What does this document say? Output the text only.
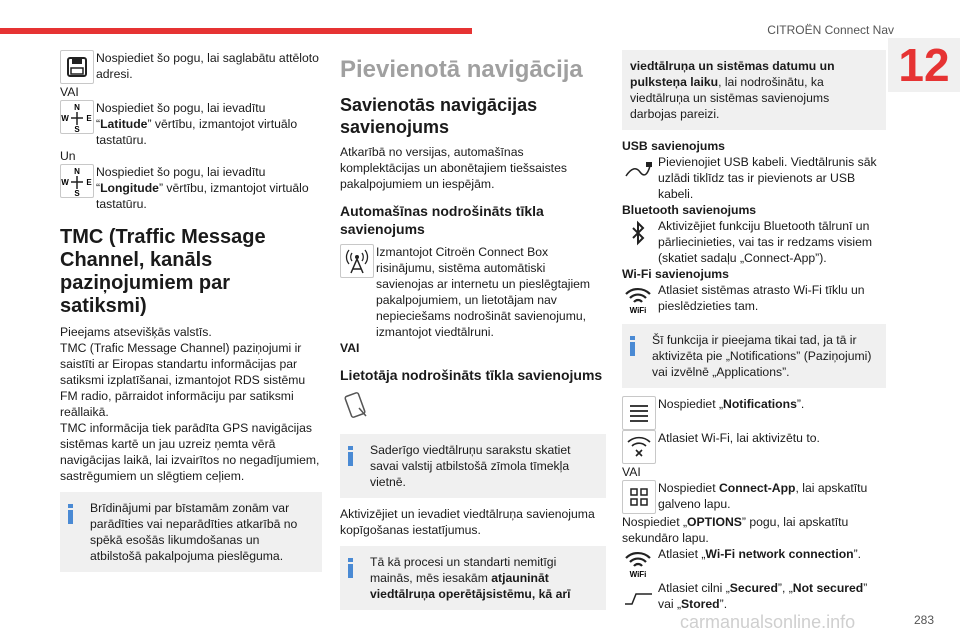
CITROËN Connect Nav
12

Nospiediet šo pogu, lai saglabātu attēloto adresi.

VAI

N
S
W E

Nospiediet šo pogu, lai ievadītu “Latitude” vērtību, izmantojot virtuālo tastatūru.

Un

N
S
W E

Nospiediet šo pogu, lai ievadītu “Longitude” vērtību, izmantojot virtuālo tastatūru.

TMC (Traffic Message Channel, kanāls paziņojumiem par satiksmi)

Pieejams atsevišķās valstīs.

TMC (Trafic Message Channel) paziņojumi ir saistīti ar Eiropas standartu informācijas par satiksmi izplatīšanai, izmantojot RDS sistēmu FM radio, pārraidot informāciju par satiksmi reāllaikā.

TMC informācija tiek parādīta GPS navigācijas sistēmas kartē un jau uzreiz ņemta vērā navigācijas laikā, lai izvairītos no negadījumiem, sastrēgumiem un slēgtiem ceļiem.

Brīdinājumi par bīstamām zonām var parādīties vai neparādīties atkarībā no spēkā esošās likumdošanas un atbilstošā pakalpojuma pieslēguma.

Pievienotā navigācija
Savienotās navigācijas savienojums

Atkarībā no versijas, automašīnas komplektācijas un abonētajiem tiešsaistes pakalpojumiem un iespējām.

Automašīnas nodrošināts tīkla savienojums

Izmantojot Citroën Connect Box risinājumu, sistēma automātiski savienojas ar internetu un pieslēgtajiem pakalpojumiem, un lietotājam nav nepieciešams nodrošināt savienojumu, izmantojot viedtālruni.

VAI

Lietotāja nodrošināts tīkla savienojums

Saderīgo viedtālruņu sarakstu skatiet savai valstij atbilstošā zīmola tīmekļa vietnē.

Aktivizējiet un ievadiet viedtālruņa savienojuma kopīgošanas iestatījumus.

Tā kā procesi un standarti nemitīgi mainās, mēs iesakām atjaunināt viedtālruņa operētājsistēmu, kā arī

viedtālruņa un sistēmas datumu un pulksteņa laiku, lai nodrošinātu, ka viedtālruņa un sistēmas savienojums darbojas pareizi.

USB savienojums

Pievienojiet USB kabeli. Viedtālrunis sāk uzlādi tiklīdz tas ir pievienots ar USB kabeli.

Bluetooth savienojums

Aktivizējiet funkciju Bluetooth tālrunī un pārliecinieties, vai tas ir redzams visiem (skatiet sadaļu „Connect-App”).

Wi-Fi savienojums

WiFi

Atlasiet sistēmas atrasto Wi-Fi tīklu un pieslēdzieties tam.

Šī funkcija ir pieejama tikai tad, ja tā ir aktivizēta pie „Notifications” (Paziņojumi) vai izvēlnē „Applications”.

Nospiediet „Notifications”.

Atlasiet Wi-Fi, lai aktivizētu to.

VAI

Nospiediet Connect-App, lai apskatītu galveno lapu.

Nospiediet „OPTIONS” pogu, lai apskatītu sekundāro lapu.

WiFi

Atlasiet „Wi-Fi network connection”.

Atlasiet cilni „Secured”, „Not secured” vai „Stored”.

carmanualsonline.info	283
